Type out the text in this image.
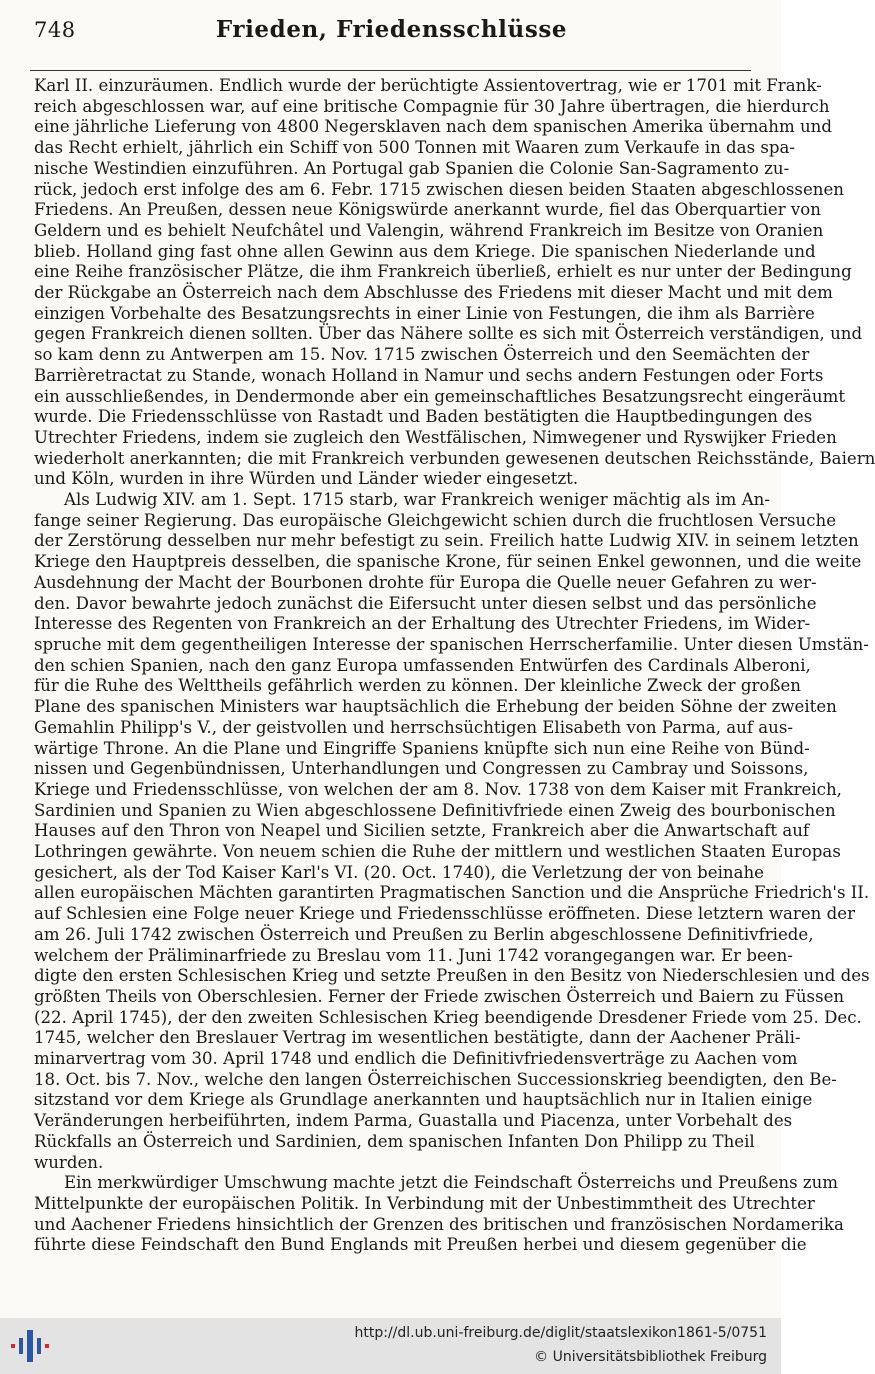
748	Frieden, Friedensschlüsse
Karl II. einzuräumen. Endlich wurde der berüchtigte Assientovertrag, wie er 1701 mit Frank-
reich abgeschlossen war, auf eine britische Compagnie für 30 Jahre übertragen, die hierdurch
eine jährliche Lieferung von 4800 Negersklaven nach dem spanischen Amerika übernahm und
das Recht erhielt, jährlich ein Schiff von 500 Tonnen mit Waaren zum Verkaufe in das spa-
nische Westindien einzuführen. An Portugal gab Spanien die Colonie San-Sagramento zu-
rück, jedoch erst infolge des am 6. Febr. 1715 zwischen diesen beiden Staaten abgeschlossenen
Friedens. An Preußen, dessen neue Königswürde anerkannt wurde, fiel das Oberquartier von
Geldern und es behielt Neufchâtel und Valengin, während Frankreich im Besitze von Oranien
blieb. Holland ging fast ohne allen Gewinn aus dem Kriege. Die spanischen Niederlande und
eine Reihe französischer Plätze, die ihm Frankreich überließ, erhielt es nur unter der Bedingung
der Rückgabe an Österreich nach dem Abschlusse des Friedens mit dieser Macht und mit dem
einzigen Vorbehalte des Besatzungsrechts in einer Linie von Festungen, die ihm als Barrière
gegen Frankreich dienen sollten. Über das Nähere sollte es sich mit Österreich verständigen, und
so kam denn zu Antwerpen am 15. Nov. 1715 zwischen Österreich und den Seemächten der
Barrièretractat zu Stande, wonach Holland in Namur und sechs andern Festungen oder Forts
ein ausschließendes, in Dendermonde aber ein gemeinschaftliches Besatzungsrecht eingeräumt
wurde. Die Friedensschlüsse von Rastadt und Baden bestätigten die Hauptbedingungen des
Utrechter Friedens, indem sie zugleich den Westfälischen, Nimwegener und Ryswijker Frieden
wiederholt anerkannten; die mit Frankreich verbunden gewesenen deutschen Reichsstände, Baiern
und Köln, wurden in ihre Würden und Länder wieder eingesetzt.
Als Ludwig XIV. am 1. Sept. 1715 starb, war Frankreich weniger mächtig als im An-
fange seiner Regierung. Das europäische Gleichgewicht schien durch die fruchtlosen Versuche
der Zerstörung desselben nur mehr befestigt zu sein. Freilich hatte Ludwig XIV. in seinem letzten
Kriege den Hauptpreis desselben, die spanische Krone, für seinen Enkel gewonnen, und die weite
Ausdehnung der Macht der Bourbonen drohte für Europa die Quelle neuer Gefahren zu wer-
den. Davor bewahrte jedoch zunächst die Eifersucht unter diesen selbst und das persönliche
Interesse des Regenten von Frankreich an der Erhaltung des Utrechter Friedens, im Wider-
spruche mit dem gegentheiligen Interesse der spanischen Herrscherfamilie. Unter diesen Umstän-
den schien Spanien, nach den ganz Europa umfassenden Entwürfen des Cardinals Alberoni,
für die Ruhe des Welttheils gefährlich werden zu können. Der kleinliche Zweck der großen
Plane des spanischen Ministers war hauptsächlich die Erhebung der beiden Söhne der zweiten
Gemahlin Philipp's V., der geistvollen und herrschsüchtigen Elisabeth von Parma, auf aus-
wärtige Throne. An die Plane und Eingriffe Spaniens knüpfte sich nun eine Reihe von Bünd-
nissen und Gegenbündnissen, Unterhandlungen und Congressen zu Cambray und Soissons,
Kriege und Friedensschlüsse, von welchen der am 8. Nov. 1738 von dem Kaiser mit Frankreich,
Sardinien und Spanien zu Wien abgeschlossene Definitivfriede einen Zweig des bourbonischen
Hauses auf den Thron von Neapel und Sicilien setzte, Frankreich aber die Anwartschaft auf
Lothringen gewährte. Von neuem schien die Ruhe der mittlern und westlichen Staaten Europas
gesichert, als der Tod Kaiser Karl's VI. (20. Oct. 1740), die Verletzung der von beinahe
allen europäischen Mächten garantirten Pragmatischen Sanction und die Ansprüche Friedrich's II.
auf Schlesien eine Folge neuer Kriege und Friedensschlüsse eröffneten. Diese letztern waren der
am 26. Juli 1742 zwischen Österreich und Preußen zu Berlin abgeschlossene Definitivfriede,
welchem der Präliminarfriede zu Breslau vom 11. Juni 1742 vorangegangen war. Er been-
digte den ersten Schlesischen Krieg und setzte Preußen in den Besitz von Niederschlesien und des
größten Theils von Oberschlesien. Ferner der Friede zwischen Österreich und Baiern zu Füssen
(22. April 1745), der den zweiten Schlesischen Krieg beendigende Dresdener Friede vom 25. Dec.
1745, welcher den Breslauer Vertrag im wesentlichen bestätigte, dann der Aachener Präli-
minarvertrag vom 30. April 1748 und endlich die Definitivfriedensverträge zu Aachen vom
18. Oct. bis 7. Nov., welche den langen Österreichischen Successionskrieg beendigten, den Be-
sitzstand vor dem Kriege als Grundlage anerkannten und hauptsächlich nur in Italien einige
Veränderungen herbeiführten, indem Parma, Guastalla und Piacenza, unter Vorbehalt des
Rückfalls an Österreich und Sardinien, dem spanischen Infanten Don Philipp zu Theil
wurden.
Ein merkwürdiger Umschwung machte jetzt die Feindschaft Österreichs und Preußens zum
Mittelpunkte der europäischen Politik. In Verbindung mit der Unbestimmtheit des Utrechter
und Aachener Friedens hinsichtlich der Grenzen des britischen und französischen Nordamerika
führte diese Feindschaft den Bund Englands mit Preußen herbei und diesem gegenüber die
http://dl.ub.uni-freiburg.de/diglit/staatslexikon1861-5/0751
© Universitätsbibliothek Freiburg
